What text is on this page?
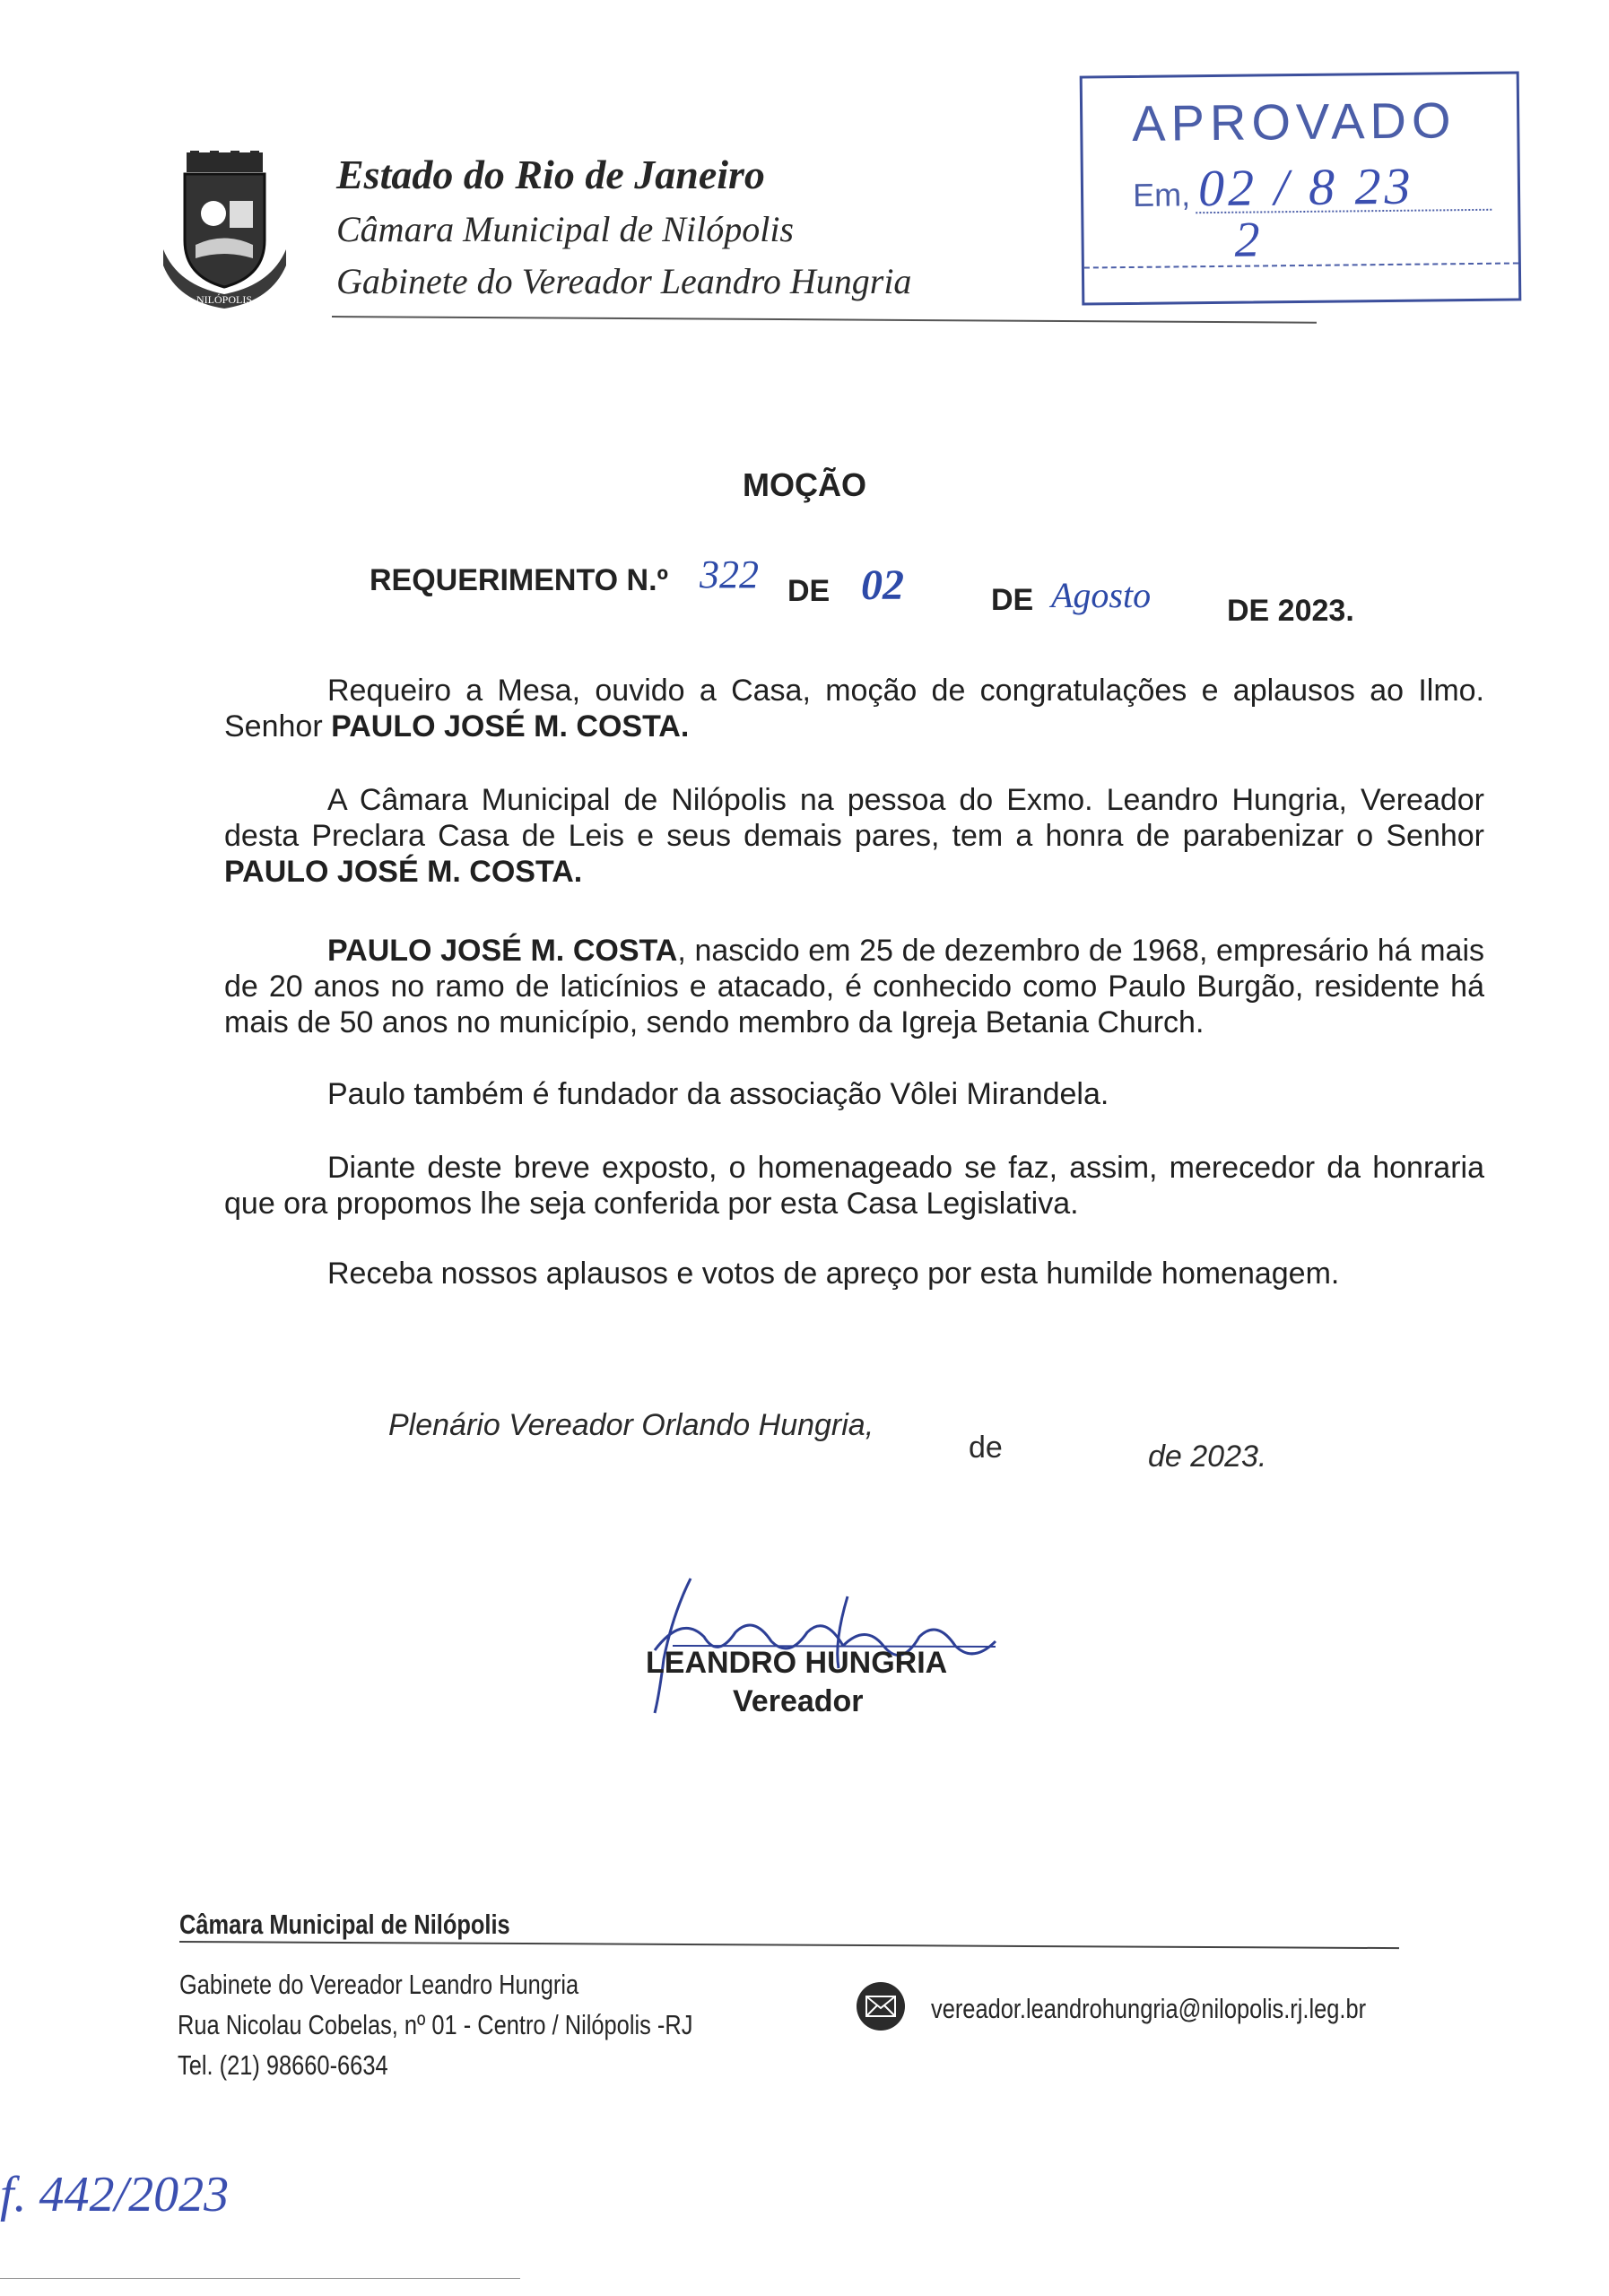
NILÓPOLIS
Estado do Rio de Janeiro
Câmara Municipal de Nilópolis
Gabinete do Vereador Leandro Hungria
APROVADO
Em, 02 / 8 23
2
MOÇÃO
REQUERIMENTO N.º 322 DE 02	DE Agosto DE 2023.
Requeiro a Mesa, ouvido a Casa, moção de congratulações e aplausos ao Ilmo. Senhor PAULO JOSÉ M. COSTA.
A Câmara Municipal de Nilópolis na pessoa do Exmo. Leandro Hungria, Vereador desta Preclara Casa de Leis e seus demais pares, tem a honra de parabenizar o Senhor PAULO JOSÉ M. COSTA.
PAULO JOSÉ M. COSTA, nascido em 25 de dezembro de 1968, empresário há mais de 20 anos no ramo de laticínios e atacado, é conhecido como Paulo Burgão, residente há mais de 50 anos no município, sendo membro da Igreja Betania Church.
Paulo também é fundador da associação Vôlei Mirandela.
Diante deste breve exposto, o homenageado se faz, assim, merecedor da honraria que ora propomos lhe seja conferida por esta Casa Legislativa.
Receba nossos aplausos e votos de apreço por esta humilde homenagem.
Plenário Vereador Orlando Hungria,
de	de 2023.
LEANDRO HUNGRIA
Vereador
Câmara Municipal de Nilópolis
Gabinete do Vereador Leandro Hungria
Rua Nicolau Cobelas, nº 01 - Centro / Nilópolis -RJ
Tel. (21) 98660-6634
vereador.leandrohungria@nilopolis.rj.leg.br
f. 442/2023
